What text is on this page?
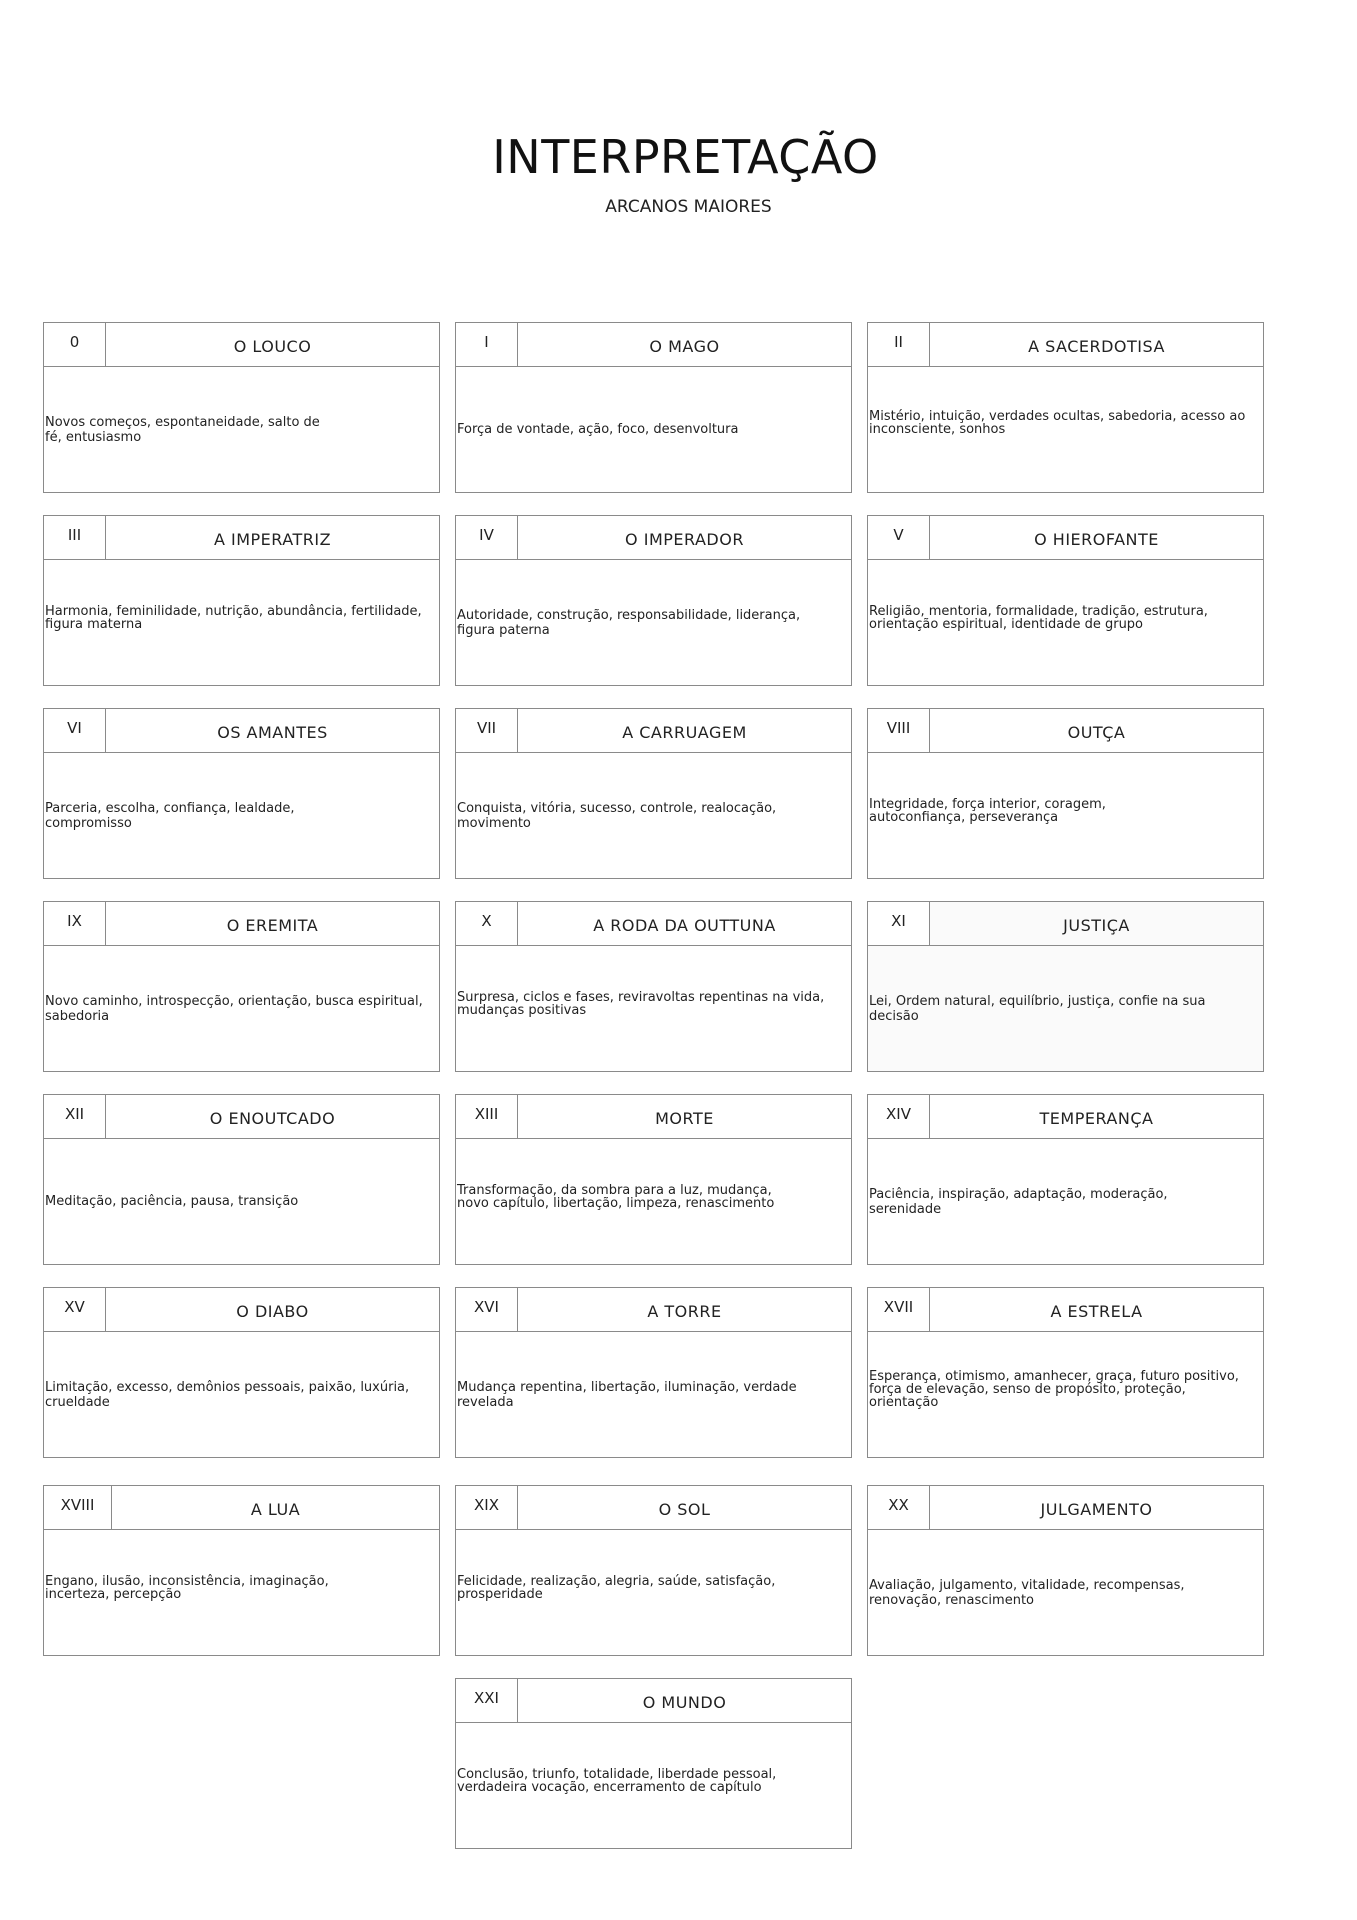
INTERPRETAÇÃO
ARCANOS MAIORES
0	O LOUCO
Novos começos, espontaneidade, salto de fé, entusiasmo
I	O MAGO
Força de vontade, ação, foco, desenvoltura
II	A SACERDOTISA
Mistério, intuição, verdades ocultas, sabedoria, acesso ao inconsciente, sonhos
III	A IMPERATRIZ
Harmonia, feminilidade, nutrição, abundância, fertilidade, figura materna
IV	O IMPERADOR
Autoridade, construção, responsabilidade, liderança, figura paterna
V	O HIEROFANTE
Religião, mentoria, formalidade, tradição, estrutura, orientação espiritual, identidade de grupo
VI	OS AMANTES
Parceria, escolha, confiança, lealdade, compromisso
VII	A CARRUAGEM
Conquista, vitória, sucesso, controle, realocação, movimento
VIII	OUTÇA
Integridade, força interior, coragem, autoconfiança, perseverança
IX	O EREMITA
Novo caminho, introspecção, orientação, busca espiritual, sabedoria
X	A RODA DA OUTTUNA
Surpresa, ciclos e fases, reviravoltas repentinas na vida, mudanças positivas
XI	JUSTIÇA
Lei, Ordem natural, equilíbrio, justiça, confie na sua decisão
XII	O ENOUTCADO
Meditação, paciência, pausa, transição
XIII	MORTE
Transformação, da sombra para a luz, mudança, novo capítulo, libertação, limpeza, renascimento
XIV	TEMPERANÇA
Paciência, inspiração, adaptação, moderação, serenidade
XV	O DIABO
Limitação, excesso, demônios pessoais, paixão, luxúria, crueldade
XVI	A TORRE
Mudança repentina, libertação, iluminação, verdade revelada
XVII	A ESTRELA
Esperança, otimismo, amanhecer, graça, futuro positivo, força de elevação, senso de propósito, proteção, orientação
XVIII	A LUA
Engano, ilusão, inconsistência, imaginação, incerteza, percepção
XIX	O SOL
Felicidade, realização, alegria, saúde, satisfação, prosperidade
XX	JULGAMENTO
Avaliação, julgamento, vitalidade, recompensas, renovação, renascimento
XXI	O MUNDO
Conclusão, triunfo, totalidade, liberdade pessoal, verdadeira vocação, encerramento de capítulo
